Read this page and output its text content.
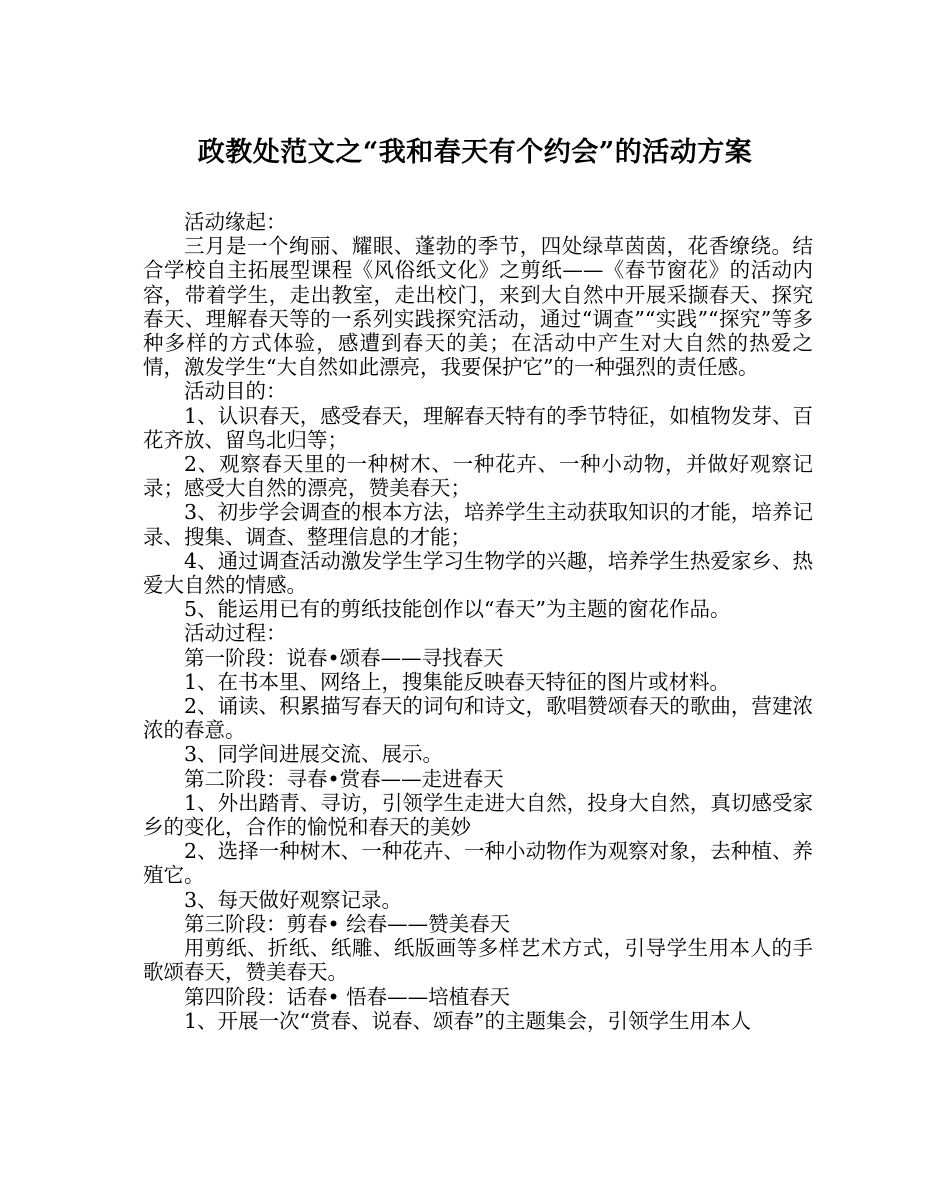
政教处范文之“我和春天有个约会”的活动方案

活动缘起：

三月是一个绚丽、耀眼、蓬勃的季节，四处绿草茵茵，花香缭绕。结合学校自主拓展型课程《风俗纸文化》之剪纸——《春节窗花》的活动内容，带着学生，走出教室，走出校门，来到大自然中开展采撷春天、探究春天、理解春天等的一系列实践探究活动，通过“调查”“实践”“探究”等多种多样的方式体验，感遭到春天的美；在活动中产生对大自然的热爱之情，激发学生“大自然如此漂亮，我要保护它”的一种强烈的责任感。

活动目的：

1、认识春天，感受春天，理解春天特有的季节特征，如植物发芽、百花齐放、留鸟北归等；

2、观察春天里的一种树木、一种花卉、一种小动物，并做好观察记录；感受大自然的漂亮，赞美春天；

3、初步学会调查的根本方法，培养学生主动获取知识的才能，培养记录、搜集、调查、整理信息的才能；

4、通过调查活动激发学生学习生物学的兴趣，培养学生热爱家乡、热爱大自然的情感。

5、能运用已有的剪纸技能创作以“春天”为主题的窗花作品。

活动过程：

第一阶段：说春•颂春——寻找春天

1、在书本里、网络上，搜集能反映春天特征的图片或材料。

2、诵读、积累描写春天的词句和诗文，歌唱赞颂春天的歌曲，营建浓浓的春意。

3、同学间进展交流、展示。

第二阶段：寻春•赏春——走进春天

1、外出踏青、寻访，引领学生走进大自然，投身大自然，真切感受家乡的变化，合作的愉悦和春天的美妙

2、选择一种树木、一种花卉、一种小动物作为观察对象，去种植、养殖它。

3、每天做好观察记录。

第三阶段：剪春• 绘春——赞美春天

用剪纸、折纸、纸雕、纸版画等多样艺术方式，引导学生用本人的手歌颂春天，赞美春天。

第四阶段：话春• 悟春——培植春天

1、开展一次“赏春、说春、颂春”的主题集会，引领学生用本人
